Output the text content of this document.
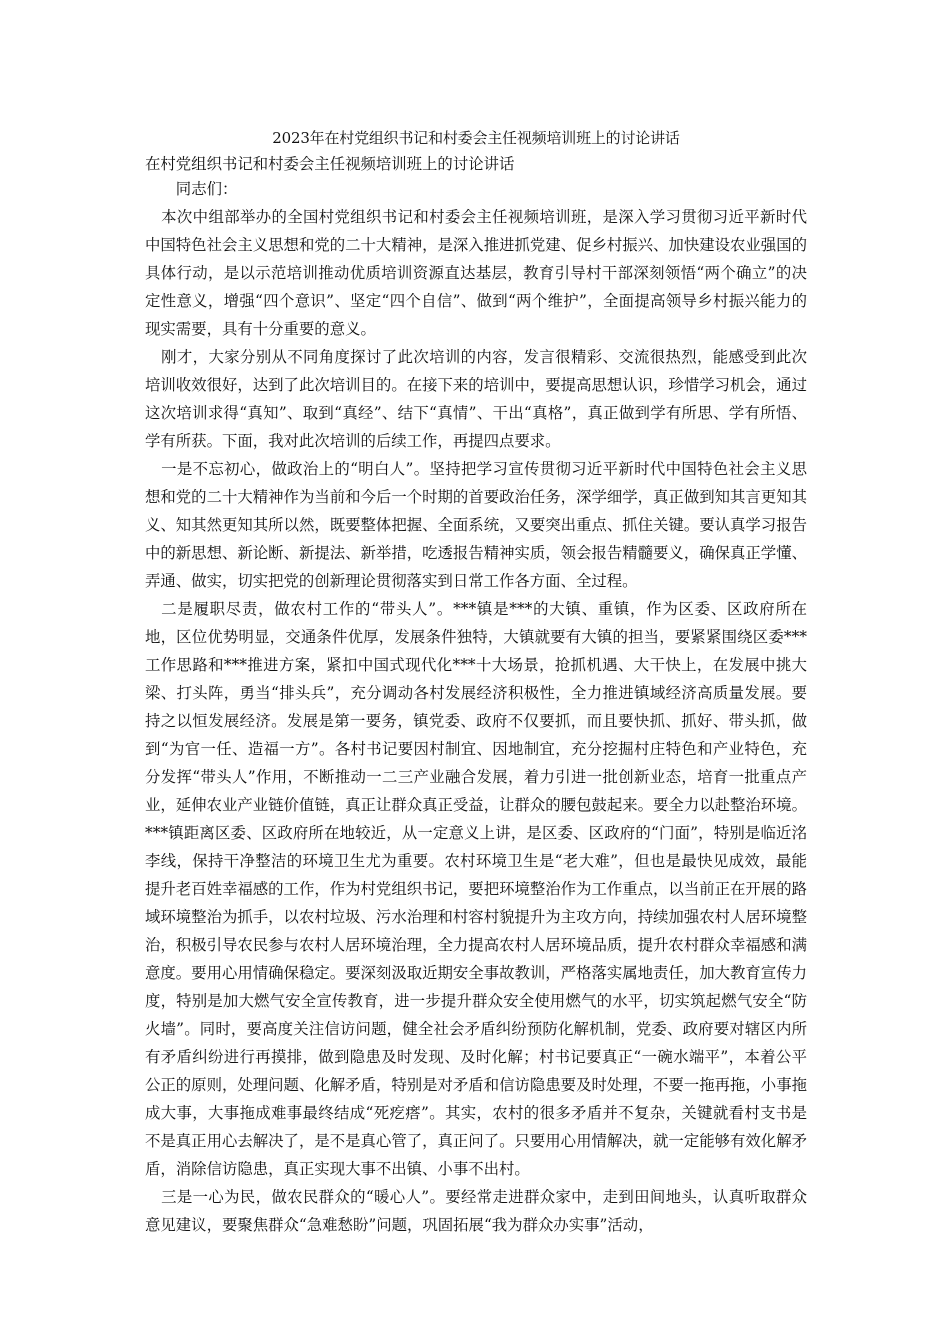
2023年在村党组织书记和村委会主任视频培训班上的讨论讲话

在村党组织书记和村委会主任视频培训班上的讨论讲话

同志们：

本次中组部举办的全国村党组织书记和村委会主任视频培训班，是深入学习贯彻习近平新时代中国特色社会主义思想和党的二十大精神，是深入推进抓党建、促乡村振兴、加快建设农业强国的具体行动，是以示范培训推动优质培训资源直达基层，教育引导村干部深刻领悟“两个确立”的决定性意义，增强“四个意识”、坚定“四个自信”、做到“两个维护”，全面提高领导乡村振兴能力的现实需要，具有十分重要的意义。

刚才，大家分别从不同角度探讨了此次培训的内容，发言很精彩、交流很热烈，能感受到此次培训收效很好，达到了此次培训目的。在接下来的培训中，要提高思想认识，珍惜学习机会，通过这次培训求得“真知”、取到“真经”、结下“真情”、干出“真格”，真正做到学有所思、学有所悟、学有所获。下面，我对此次培训的后续工作，再提四点要求。

一是不忘初心，做政治上的“明白人”。坚持把学习宣传贯彻习近平新时代中国特色社会主义思想和党的二十大精神作为当前和今后一个时期的首要政治任务，深学细学，真正做到知其言更知其义、知其然更知其所以然，既要整体把握、全面系统，又要突出重点、抓住关键。要认真学习报告中的新思想、新论断、新提法、新举措，吃透报告精神实质，领会报告精髓要义，确保真正学懂、弄通、做实，切实把党的创新理论贯彻落实到日常工作各方面、全过程。

二是履职尽责，做农村工作的“带头人”。***镇是***的大镇、重镇，作为区委、区政府所在地，区位优势明显，交通条件优厚，发展条件独特，大镇就要有大镇的担当，要紧紧围绕区委***工作思路和***推进方案，紧扣中国式现代化***十大场景，抢抓机遇、大干快上，在发展中挑大梁、打头阵，勇当“排头兵”，充分调动各村发展经济积极性，全力推进镇域经济高质量发展。要持之以恒发展经济。发展是第一要务，镇党委、政府不仅要抓，而且要快抓、抓好、带头抓，做到“为官一任、造福一方”。各村书记要因村制宜、因地制宜，充分挖掘村庄特色和产业特色，充分发挥“带头人”作用，不断推动一二三产业融合发展，着力引进一批创新业态，培育一批重点产业，延伸农业产业链价值链，真正让群众真正受益，让群众的腰包鼓起来。要全力以赴整治环境。***镇距离区委、区政府所在地较近，从一定意义上讲，是区委、区政府的“门面”，特别是临近洺李线，保持干净整洁的环境卫生尤为重要。农村环境卫生是“老大难”，但也是最快见成效，最能提升老百姓幸福感的工作，作为村党组织书记，要把环境整治作为工作重点，以当前正在开展的路域环境整治为抓手，以农村垃圾、污水治理和村容村貌提升为主攻方向，持续加强农村人居环境整治，积极引导农民参与农村人居环境治理，全力提高农村人居环境品质，提升农村群众幸福感和满意度。要用心用情确保稳定。要深刻汲取近期安全事故教训，严格落实属地责任，加大教育宣传力度，特别是加大燃气安全宣传教育，进一步提升群众安全使用燃气的水平，切实筑起燃气安全“防火墙”。同时，要高度关注信访问题，健全社会矛盾纠纷预防化解机制，党委、政府要对辖区内所有矛盾纠纷进行再摸排，做到隐患及时发现、及时化解；村书记要真正“一碗水端平”，本着公平公正的原则，处理问题、化解矛盾，特别是对矛盾和信访隐患要及时处理，不要一拖再拖，小事拖成大事，大事拖成难事最终结成“死疙瘩”。其实，农村的很多矛盾并不复杂，关键就看村支书是不是真正用心去解决了，是不是真心管了，真正问了。只要用心用情解决，就一定能够有效化解矛盾，消除信访隐患，真正实现大事不出镇、小事不出村。

三是一心为民，做农民群众的“暖心人”。要经常走进群众家中，走到田间地头，认真听取群众意见建议，要聚焦群众“急难愁盼”问题，巩固拓展“我为群众办实事”活动，
